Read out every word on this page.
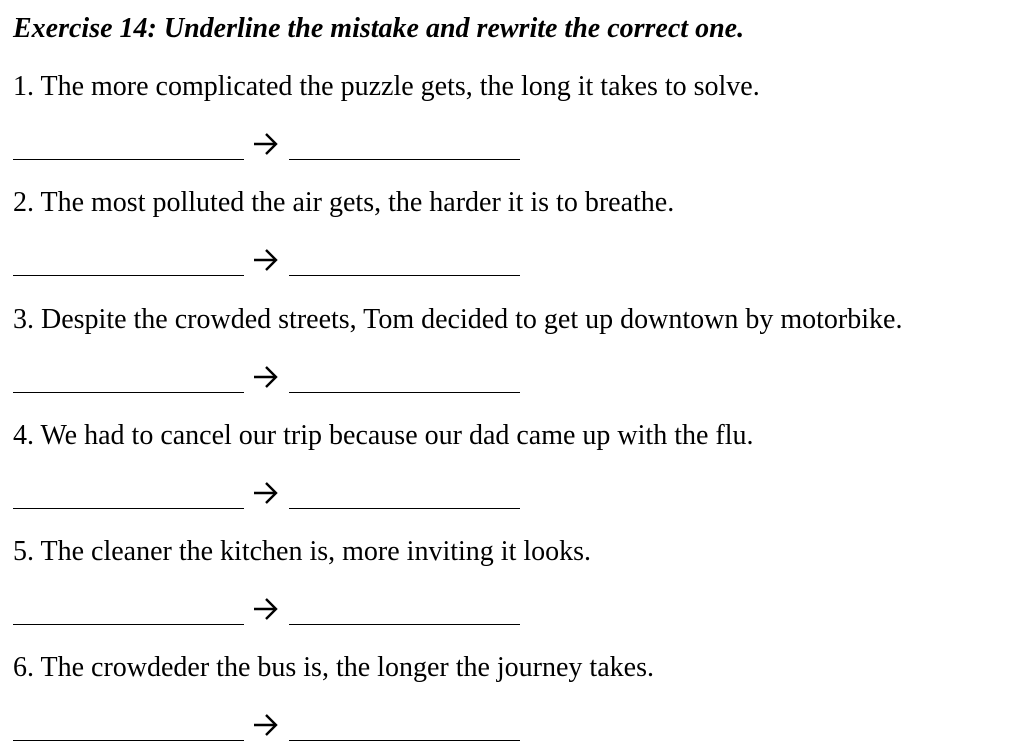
Exercise 14: Underline the mistake and rewrite the correct one.
1. The more complicated the puzzle gets, the long it takes to solve.
2. The most polluted the air gets, the harder it is to breathe.
3. Despite the crowded streets, Tom decided to get up downtown by motorbike.
4. We had to cancel our trip because our dad came up with the flu.
5. The cleaner the kitchen is, more inviting it looks.
6. The crowdeder the bus is, the longer the journey takes.
